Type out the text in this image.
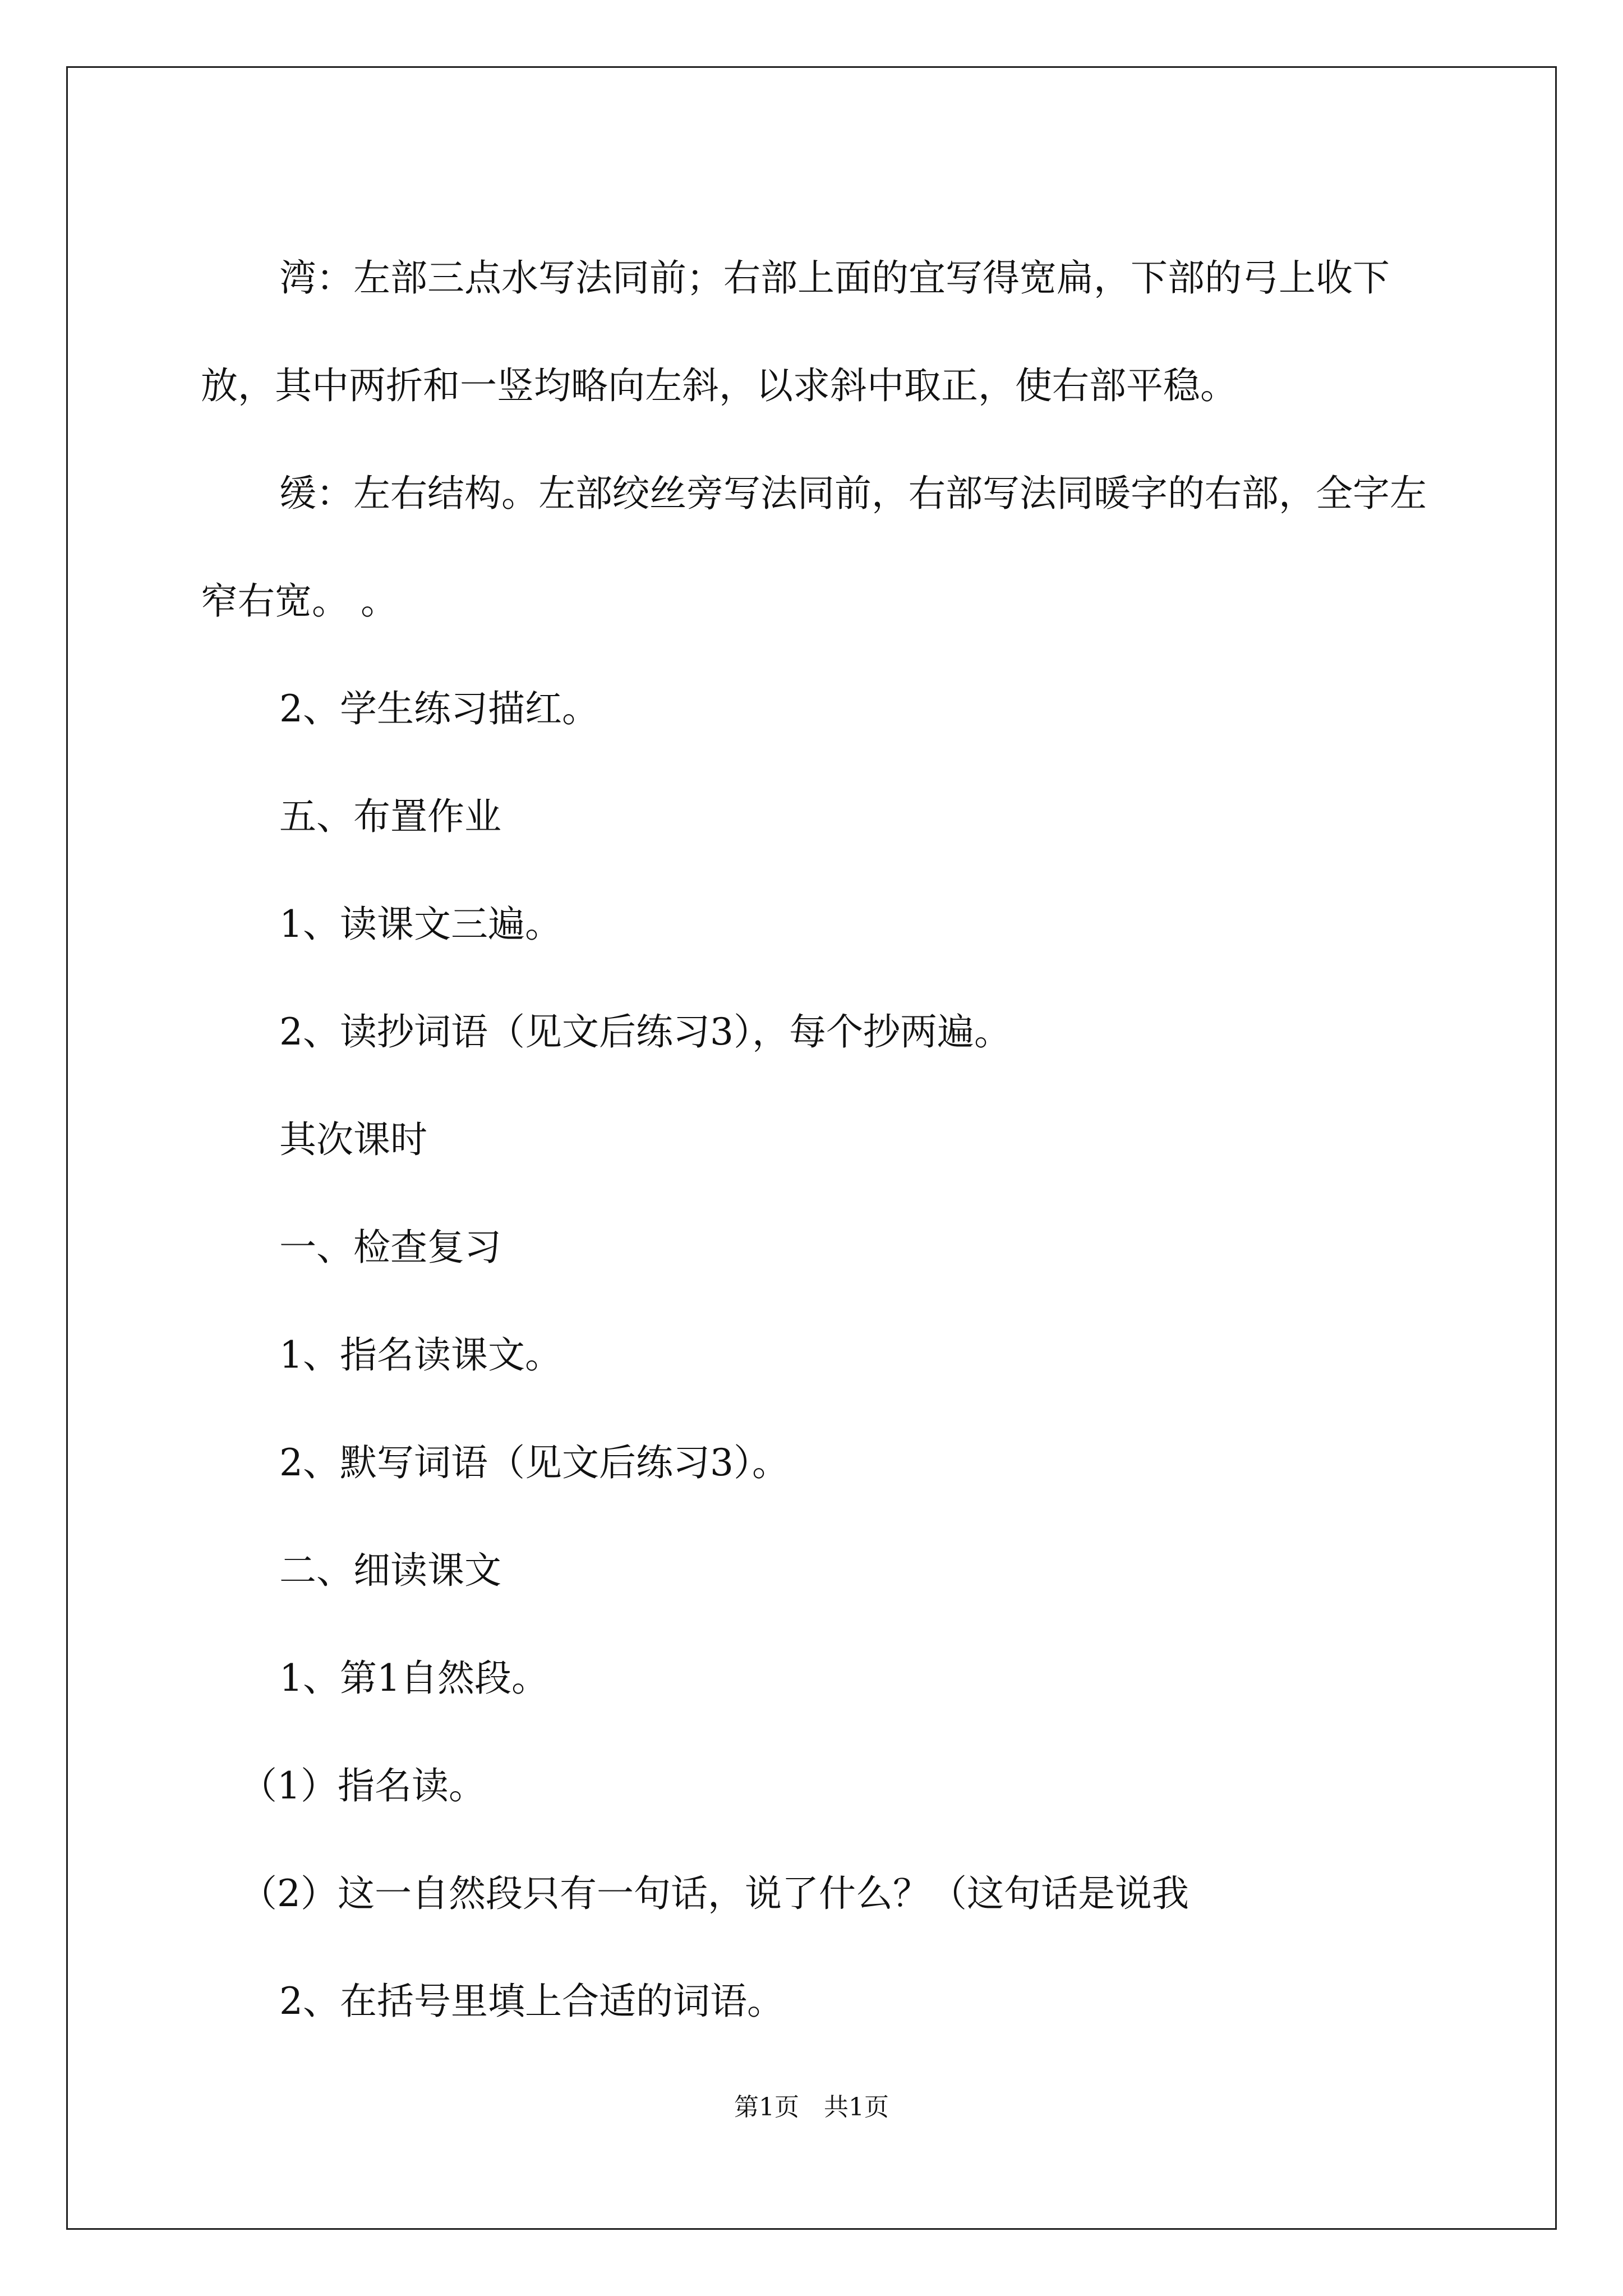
湾：左部三点水写法同前；右部上面的宜写得宽扁，下部的弓上收下放，其中两折和一竖均略向左斜，以求斜中取正，使右部平稳。

缓：左右结构。左部绞丝旁写法同前，右部写法同暖字的右部，全字左窄右宽。 。

2、学生练习描红。

五、布置作业

1、读课文三遍。

2、读抄词语（见文后练习3），每个抄两遍。

其次课时

一、检查复习

1、指名读课文。

2、默写词语（见文后练习3）。

二、细读课文

1、第1自然段。

（1）指名读。

（2）这一自然段只有一句话，说了什么？（这句话是说我

2、在括号里填上合适的词语。

第1页　共1页
